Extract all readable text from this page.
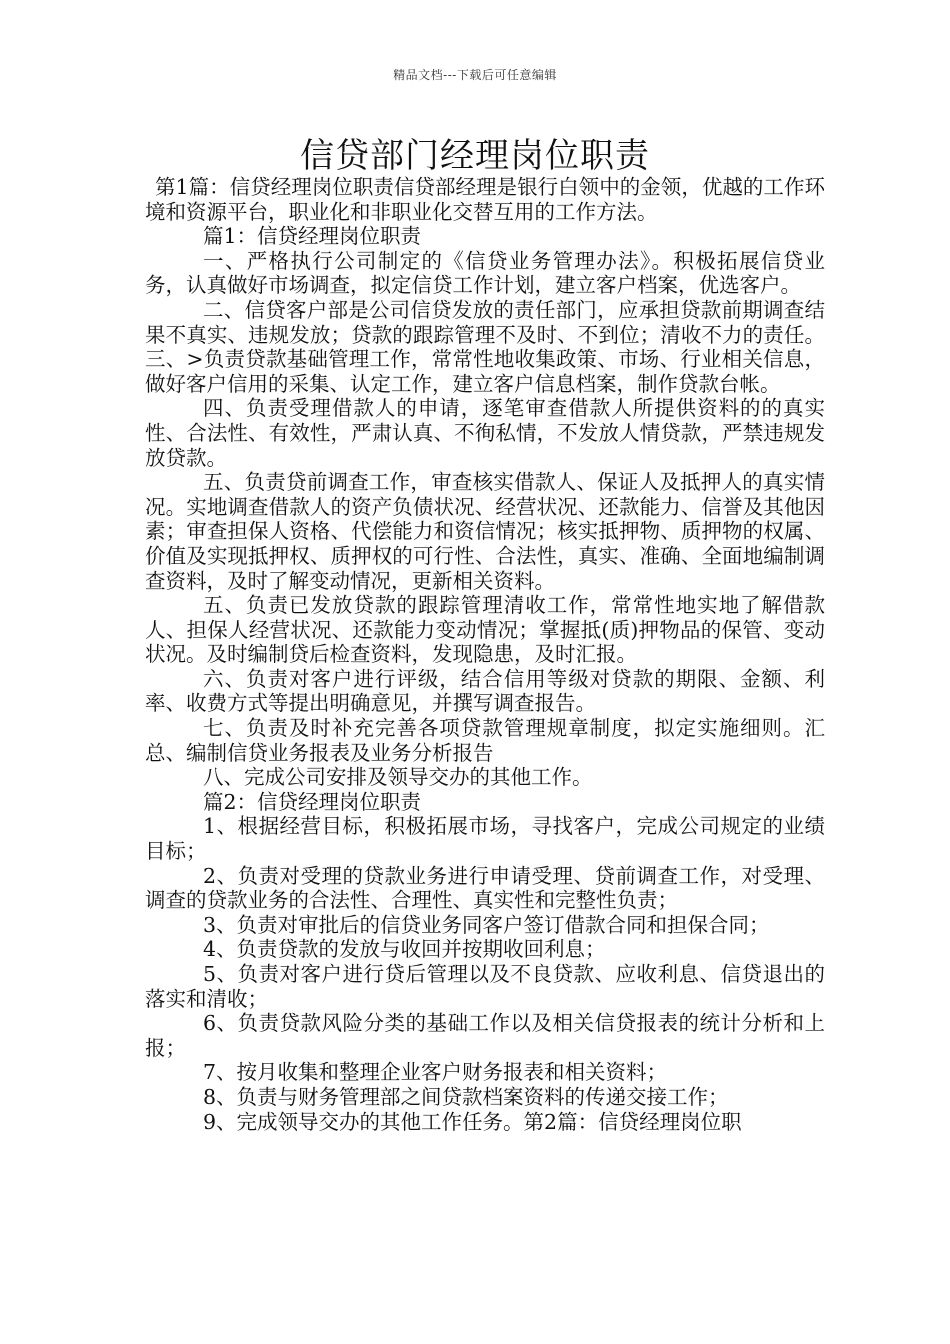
精品文档---下载后可任意编辑
信贷部门经理岗位职责

第1篇：信贷经理岗位职责信贷部经理是银行白领中的金领，优越的工作环境和资源平台，职业化和非职业化交替互用的工作方法。

篇1：信贷经理岗位职责

一、严格执行公司制定的《信贷业务管理办法》。积极拓展信贷业务，认真做好市场调查，拟定信贷工作计划，建立客户档案，优选客户。

二、信贷客户部是公司信贷发放的责任部门，应承担贷款前期调查结果不真实、违规发放；贷款的跟踪管理不及时、不到位；清收不力的责任。三、>负责贷款基础管理工作，常常性地收集政策、市场、行业相关信息，做好客户信用的采集、认定工作，建立客户信息档案，制作贷款台帐。

四、负责受理借款人的申请，逐笔审查借款人所提供资料的的真实性、合法性、有效性，严肃认真、不徇私情，不发放人情贷款，严禁违规发放贷款。

五、负责贷前调查工作，审查核实借款人、保证人及抵押人的真实情况。实地调查借款人的资产负债状况、经营状况、还款能力、信誉及其他因素；审查担保人资格、代偿能力和资信情况；核实抵押物、质押物的权属、价值及实现抵押权、质押权的可行性、合法性，真实、准确、全面地编制调查资料，及时了解变动情况，更新相关资料。

五、负责已发放贷款的跟踪管理清收工作，常常性地实地了解借款人、担保人经营状况、还款能力变动情况；掌握抵(质)押物品的保管、变动状况。及时编制贷后检查资料，发现隐患，及时汇报。

六、负责对客户进行评级，结合信用等级对贷款的期限、金额、利率、收费方式等提出明确意见，并撰写调查报告。

七、负责及时补充完善各项贷款管理规章制度，拟定实施细则。汇总、编制信贷业务报表及业务分析报告

八、完成公司安排及领导交办的其他工作。

篇2：信贷经理岗位职责

1、根据经营目标，积极拓展市场，寻找客户，完成公司规定的业绩目标；

2、负责对受理的贷款业务进行申请受理、贷前调查工作，对受理、调查的贷款业务的合法性、合理性、真实性和完整性负责；

3、负责对审批后的信贷业务同客户签订借款合同和担保合同；

4、负责贷款的发放与收回并按期收回利息；

5、负责对客户进行贷后管理以及不良贷款、应收利息、信贷退出的落实和清收；

6、负责贷款风险分类的基础工作以及相关信贷报表的统计分析和上报；

7、按月收集和整理企业客户财务报表和相关资料；

8、负责与财务管理部之间贷款档案资料的传递交接工作；

9、完成领导交办的其他工作任务。第2篇：信贷经理岗位职
